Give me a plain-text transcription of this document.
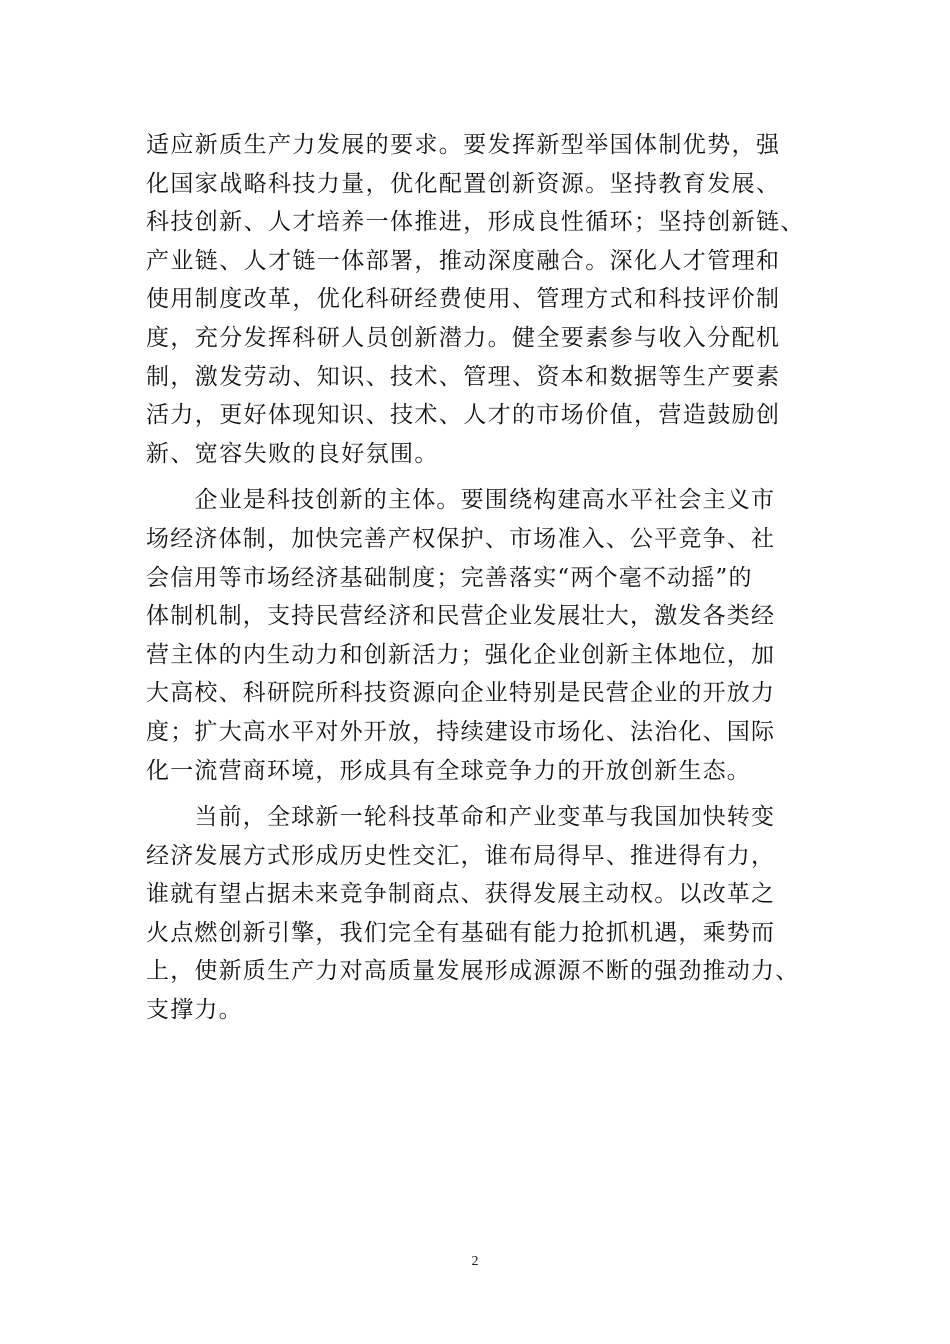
适应新质生产力发展的要求。要发挥新型举国体制优势，强
化国家战略科技力量，优化配置创新资源。坚持教育发展、
科技创新、人才培养一体推进，形成良性循环；坚持创新链、
产业链、人才链一体部署，推动深度融合。深化人才管理和
使用制度改革，优化科研经费使用、管理方式和科技评价制
度，充分发挥科研人员创新潜力。健全要素参与收入分配机
制，激发劳动、知识、技术、管理、资本和数据等生产要素
活力，更好体现知识、技术、人才的市场价值，营造鼓励创
新、宽容失败的良好氛围。
　　企业是科技创新的主体。要围绕构建高水平社会主义市
场经济体制，加快完善产权保护、市场准入、公平竞争、社
会信用等市场经济基础制度；完善落实“两个毫不动摇”的
体制机制，支持民营经济和民营企业发展壮大，激发各类经
营主体的内生动力和创新活力；强化企业创新主体地位，加
大高校、科研院所科技资源向企业特别是民营企业的开放力
度；扩大高水平对外开放，持续建设市场化、法治化、国际
化一流营商环境，形成具有全球竞争力的开放创新生态。
　　当前，全球新一轮科技革命和产业变革与我国加快转变
经济发展方式形成历史性交汇，谁布局得早、推进得有力，
谁就有望占据未来竞争制商点、获得发展主动权。以改革之
火点燃创新引擎，我们完全有基础有能力抢抓机遇，乘势而
上，使新质生产力对高质量发展形成源源不断的强劲推动力、
支撑力。
2
